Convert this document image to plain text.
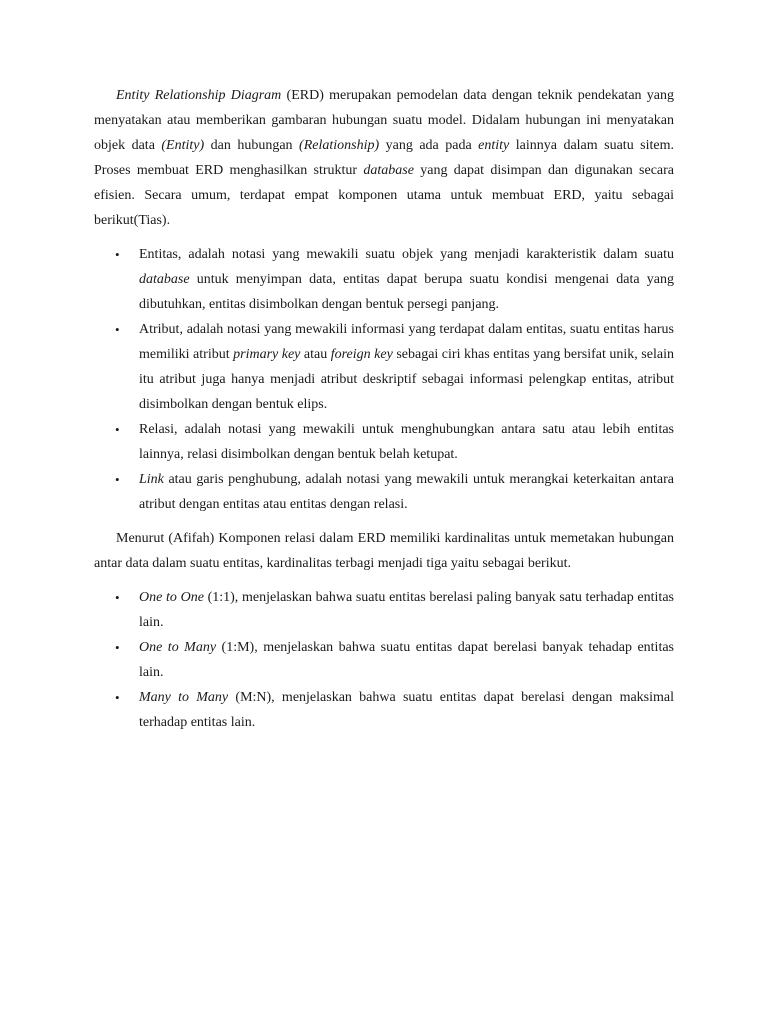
Entity Relationship Diagram (ERD) merupakan pemodelan data dengan teknik pendekatan yang menyatakan atau memberikan gambaran hubungan suatu model. Didalam hubungan ini menyatakan objek data (Entity) dan hubungan (Relationship) yang ada pada entity lainnya dalam suatu sitem. Proses membuat ERD menghasilkan struktur database yang dapat disimpan dan digunakan secara efisien. Secara umum, terdapat empat komponen utama untuk membuat ERD, yaitu sebagai berikut(Tias).

• Entitas, adalah notasi yang mewakili suatu objek yang menjadi karakteristik dalam suatu database untuk menyimpan data, entitas dapat berupa suatu kondisi mengenai data yang dibutuhkan, entitas disimbolkan dengan bentuk persegi panjang.
• Atribut, adalah notasi yang mewakili informasi yang terdapat dalam entitas, suatu entitas harus memiliki atribut primary key atau foreign key sebagai ciri khas entitas yang bersifat unik, selain itu atribut juga hanya menjadi atribut deskriptif sebagai informasi pelengkap entitas, atribut disimbolkan dengan bentuk elips.
• Relasi, adalah notasi yang mewakili untuk menghubungkan antara satu atau lebih entitas lainnya, relasi disimbolkan dengan bentuk belah ketupat.
• Link atau garis penghubung, adalah notasi yang mewakili untuk merangkai keterkaitan antara atribut dengan entitas atau entitas dengan relasi.

Menurut (Afifah) Komponen relasi dalam ERD memiliki kardinalitas untuk memetakan hubungan antar data dalam suatu entitas, kardinalitas terbagi menjadi tiga yaitu sebagai berikut.

• One to One (1:1), menjelaskan bahwa suatu entitas berelasi paling banyak satu terhadap entitas lain.
• One to Many (1:M), menjelaskan bahwa suatu entitas dapat berelasi banyak tehadap entitas lain.
• Many to Many (M:N), menjelaskan bahwa suatu entitas dapat berelasi dengan maksimal terhadap entitas lain.
